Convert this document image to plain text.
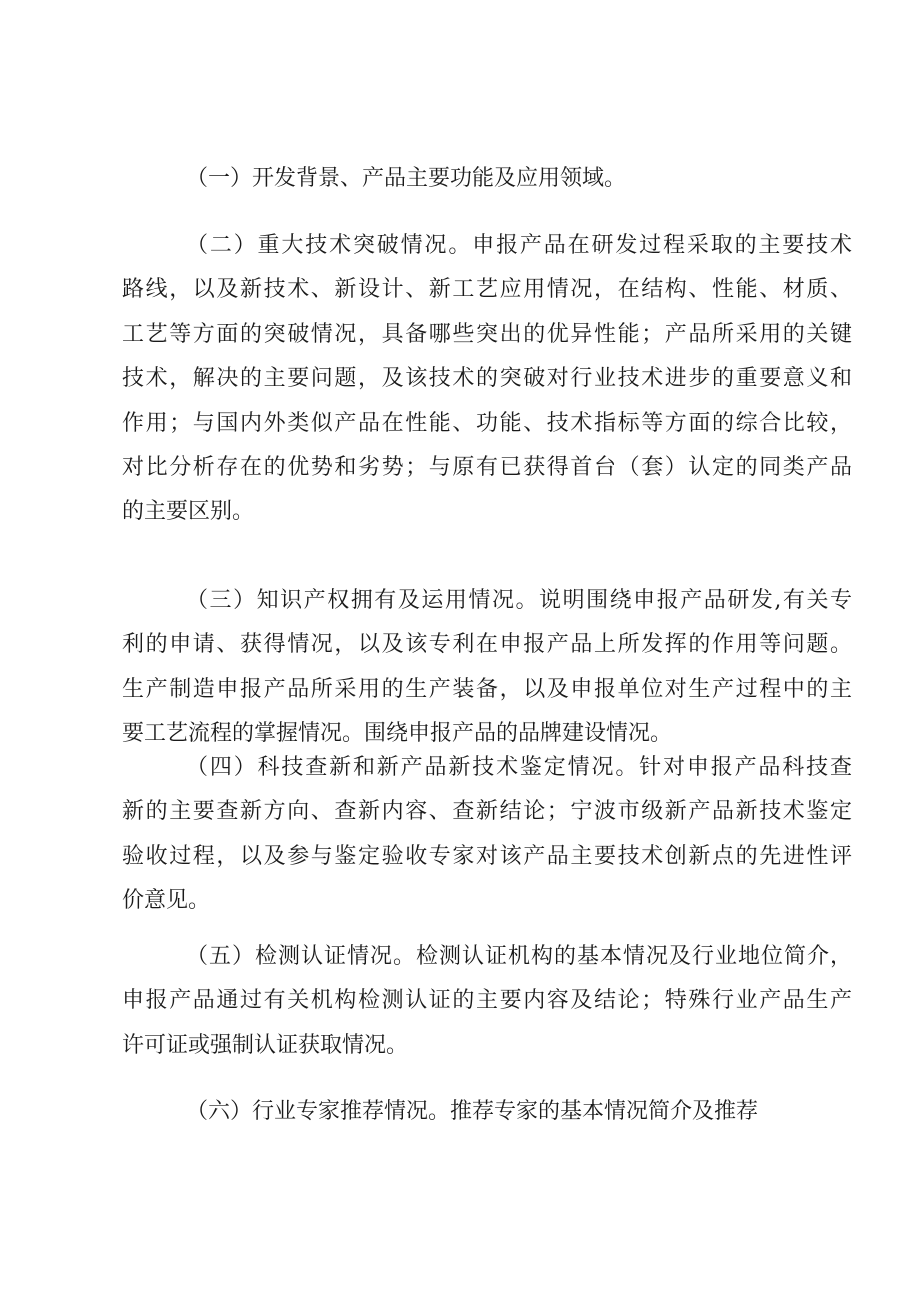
（一）开发背景、产品主要功能及应用领域。

（二）重大技术突破情况。申报产品在研发过程采取的主要技术
路线，以及新技术、新设计、新工艺应用情况，在结构、性能、材质、
工艺等方面的突破情况，具备哪些突出的优异性能；产品所采用的关键
技术，解决的主要问题，及该技术的突破对行业技术进步的重要意义和
作用；与国内外类似产品在性能、功能、技术指标等方面的综合比较，
对比分析存在的优势和劣势；与原有已获得首台（套）认定的同类产品
的主要区别。

（三）知识产权拥有及运用情况。说明围绕申报产品研发,有关专
利的申请、获得情况，以及该专利在申报产品上所发挥的作用等问题。
生产制造申报产品所采用的生产装备，以及申报单位对生产过程中的主
要工艺流程的掌握情况。围绕申报产品的品牌建设情况。

（四）科技查新和新产品新技术鉴定情况。针对申报产品科技查
新的主要查新方向、查新内容、查新结论；宁波市级新产品新技术鉴定
验收过程，以及参与鉴定验收专家对该产品主要技术创新点的先进性评
价意见。

（五）检测认证情况。检测认证机构的基本情况及行业地位简介，
申报产品通过有关机构检测认证的主要内容及结论；特殊行业产品生产
许可证或强制认证获取情况。

（六）行业专家推荐情况。推荐专家的基本情况简介及推荐
